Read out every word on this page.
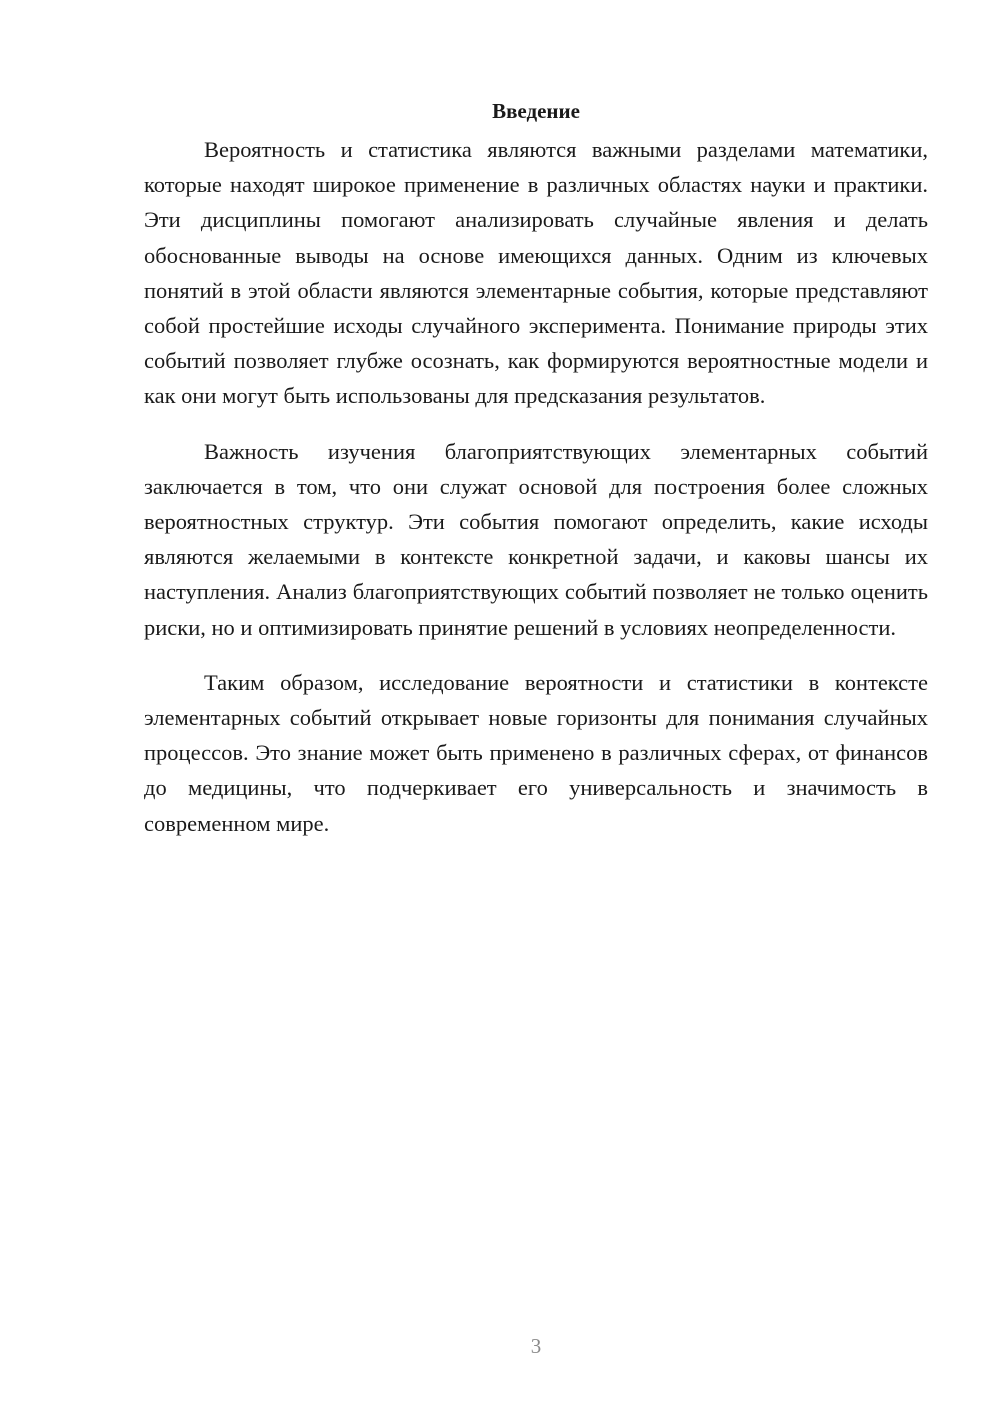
Введение

Вероятность и статистика являются важными разделами математики, которые находят широкое применение в различных областях науки и практики. Эти дисциплины помогают анализировать случайные явления и делать обоснованные выводы на основе имеющихся данных. Одним из ключевых понятий в этой области являются элементарные события, которые представляют собой простейшие исходы случайного эксперимента. Понимание природы этих событий позволяет глубже осознать, как формируются вероятностные модели и как они могут быть использованы для предсказания результатов.

Важность изучения благоприятствующих элементарных событий заключается в том, что они служат основой для построения более сложных вероятностных структур. Эти события помогают определить, какие исходы являются желаемыми в контексте конкретной задачи, и каковы шансы их наступления. Анализ благоприятствующих событий позволяет не только оценить риски, но и оптимизировать принятие решений в условиях неопределенности.

Таким образом, исследование вероятности и статистики в контексте элементарных событий открывает новые горизонты для понимания случайных процессов. Это знание может быть применено в различных сферах, от финансов до медицины, что подчеркивает его универсальность и значимость в современном мире.

3
